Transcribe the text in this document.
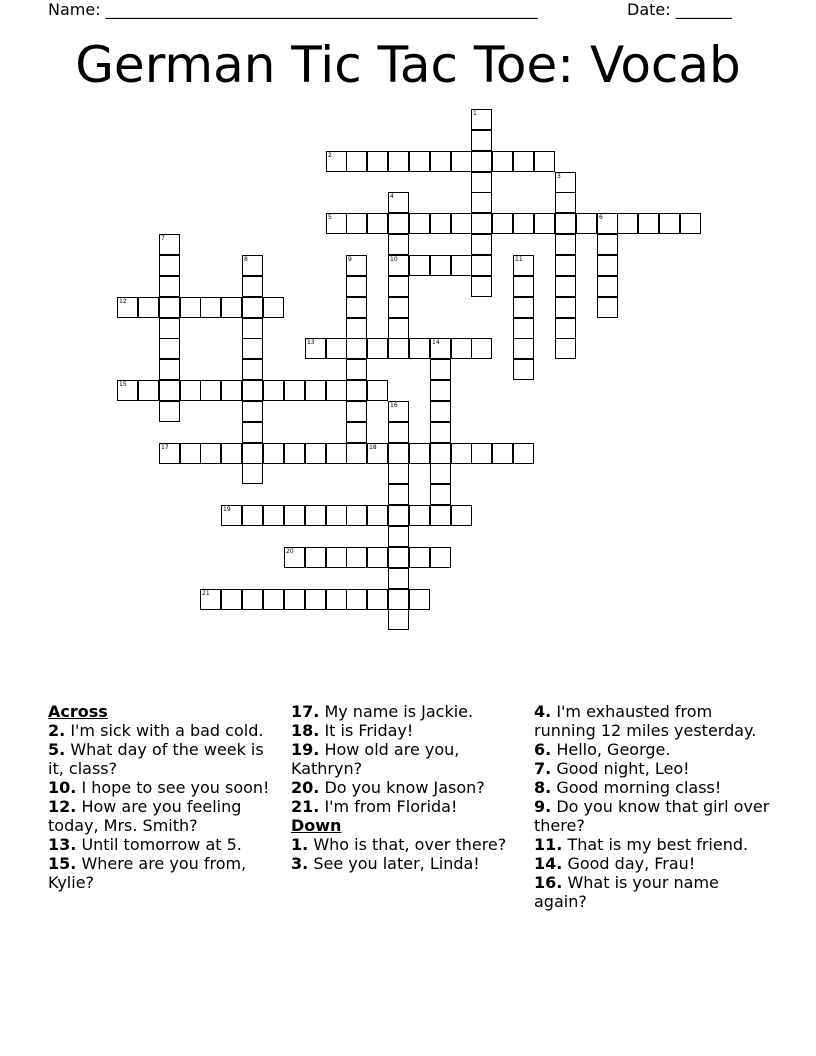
Name: ______________________________________________________	Date: _______
German Tic Tac Toe: Vocab
1
2
3
4
10
5	6
7
8	9	11
12
13	14
15
16
17	18
19
20
21
Across
2. I'm sick with a bad cold.
5. What day of the week is it, class?
10. I hope to see you soon!
12. How are you feeling today, Mrs. Smith?
13. Until tomorrow at 5.
15. Where are you from, Kylie?
17. My name is Jackie.
18. It is Friday!
19. How old are you, Kathryn?
20. Do you know Jason?
21. I'm from Florida!
Down
1. Who is that, over there?
3. See you later, Linda!
4. I'm exhausted from running 12 miles yesterday.
6. Hello, George.
7. Good night, Leo!
8. Good morning class!
9. Do you know that girl over there?
11. That is my best friend.
14. Good day, Frau!
16. What is your name again?
